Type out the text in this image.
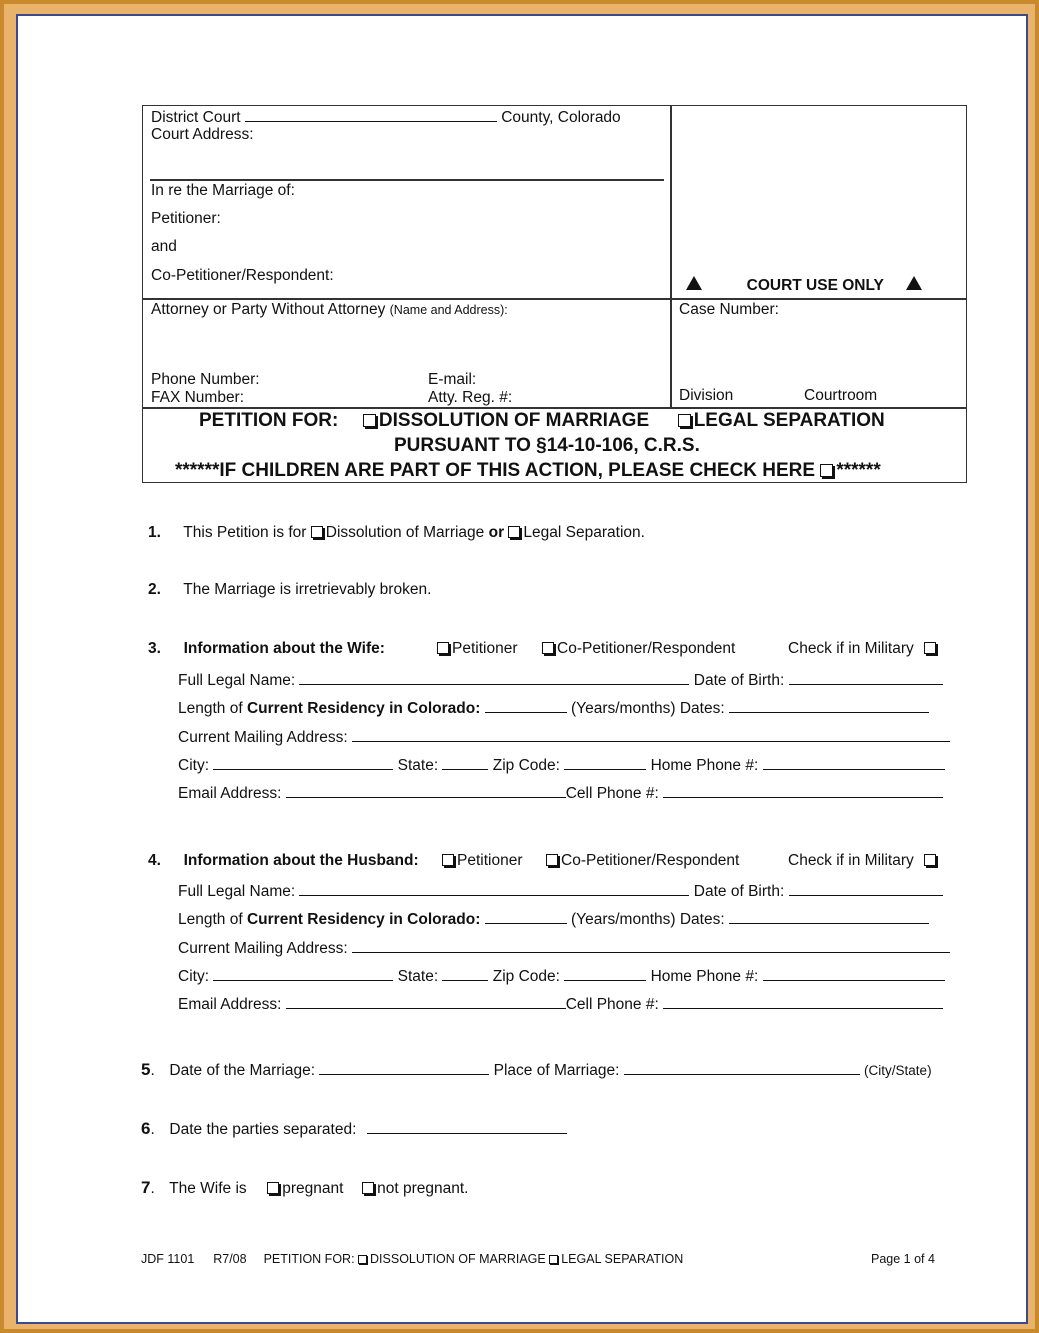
District Court	County, Colorado
Court Address:
In re the Marriage of:
Petitioner:
and
Co-Petitioner/Respondent:
COURT USE ONLY
Attorney or Party Without Attorney (Name and Address):	Case Number:
Phone Number:	E-mail:
FAX Number:	Atty. Reg. #:	Division	Courtroom
PETITION FOR: DISSOLUTION OF MARRIAGE LEGAL SEPARATION
PURSUANT TO §14-10-106, C.R.S.
******IF CHILDREN ARE PART OF THIS ACTION, PLEASE CHECK HERE ******
1. This Petition is for Dissolution of Marriage or Legal Separation.
2. The Marriage is irretrievably broken.
3. Information about the Wife:	Petitioner	Co-Petitioner/Respondent	Check if in Military
Full Legal Name:	Date of Birth:
Length of Current Residency in Colorado:	(Years/months) Dates:
Current Mailing Address:
City:	State:	Zip Code:	Home Phone #:
Email Address:	Cell Phone #:
4. Information about the Husband:	Petitioner	Co-Petitioner/Respondent	Check if in Military
Full Legal Name:	Date of Birth:
Length of Current Residency in Colorado:	(Years/months) Dates:
Current Mailing Address:
City:	State:	Zip Code:	Home Phone #:
Email Address:	Cell Phone #:
5. Date of the Marriage:	Place of Marriage:	(City/State)
6. Date the parties separated:
7. The Wife is pregnant not pregnant.
JDF 1101 R7/08 PETITION FOR: DISSOLUTION OF MARRIAGE LEGAL SEPARATION	Page 1 of 4
